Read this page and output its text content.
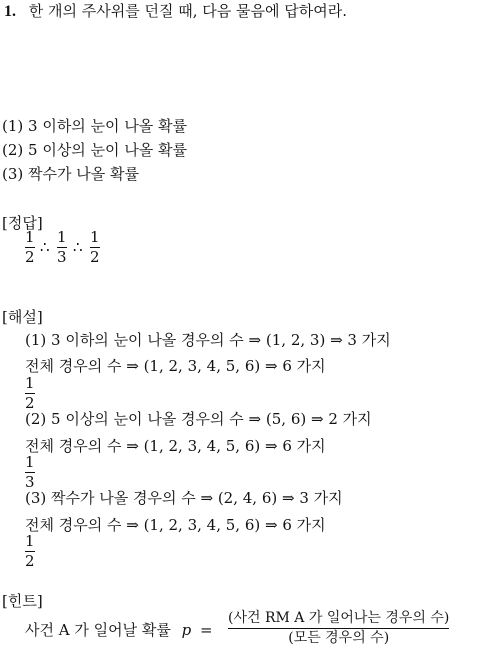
1. 한 개의 주사위를 던질 때, 다음 물음에 답하여라.
(1) 3 이하의 눈이 나올 확률
(2) 5 이상의 눈이 나올 확률
(3) 짝수가 나올 확률
[정답]
1
2
∴
1
3
∴
1
2
[해설]
(1) 3 이하의 눈이 나올 경우의 수 ⇒ (1, 2, 3) ⇒ 3 가지
전체 경우의 수 ⇒ (1, 2, 3, 4, 5, 6) ⇒ 6 가지
1
2
(2) 5 이상의 눈이 나올 경우의 수 ⇒ (5, 6) ⇒ 2 가지
전체 경우의 수 ⇒ (1, 2, 3, 4, 5, 6) ⇒ 6 가지
1
3
(3) 짝수가 나올 경우의 수 ⇒ (2, 4, 6) ⇒ 3 가지
전체 경우의 수 ⇒ (1, 2, 3, 4, 5, 6) ⇒ 6 가지
1
2
[힌트]
사건 A 가 일어날 확률 p =
(사건 RM A 가 일어나는 경우의 수)
(모든 경우의 수)
